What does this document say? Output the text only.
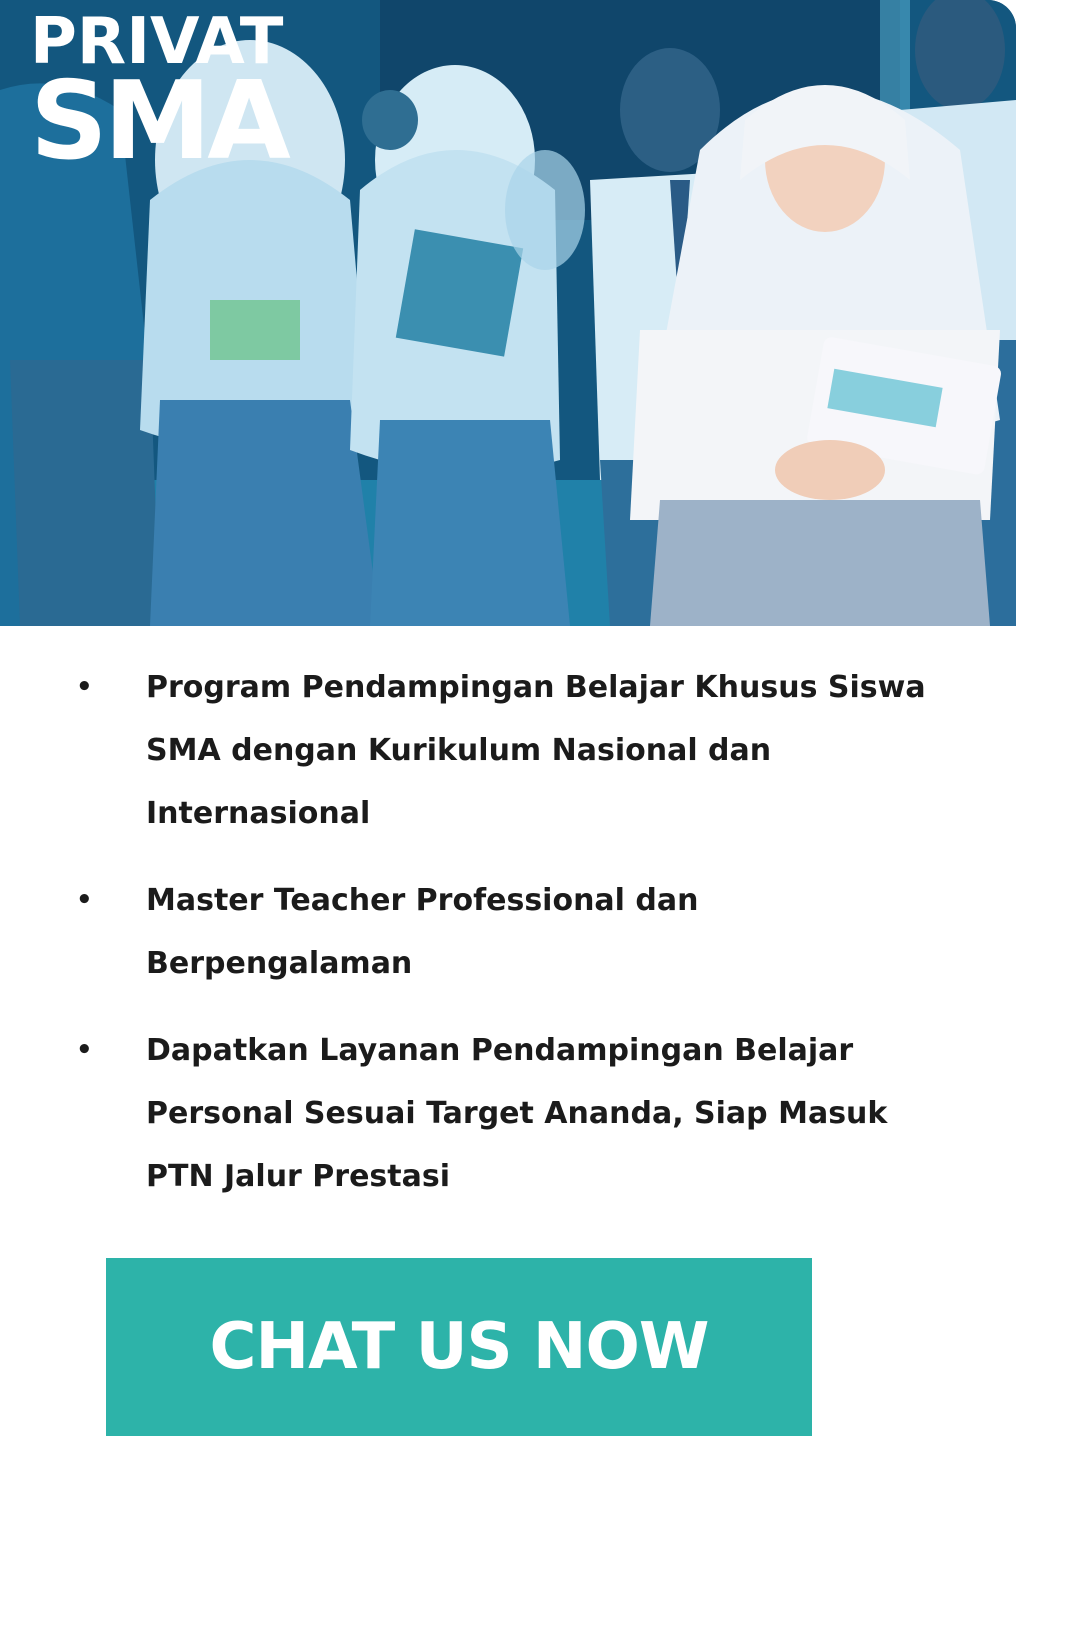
PRIVAT
SMA
• Program Pendampingan Belajar Khusus Siswa SMA dengan Kurikulum Nasional dan Internasional
• Master Teacher Professional dan Berpengalaman
• Dapatkan Layanan Pendampingan Belajar Personal Sesuai Target Ananda, Siap Masuk PTN Jalur Prestasi
CHAT US NOW
